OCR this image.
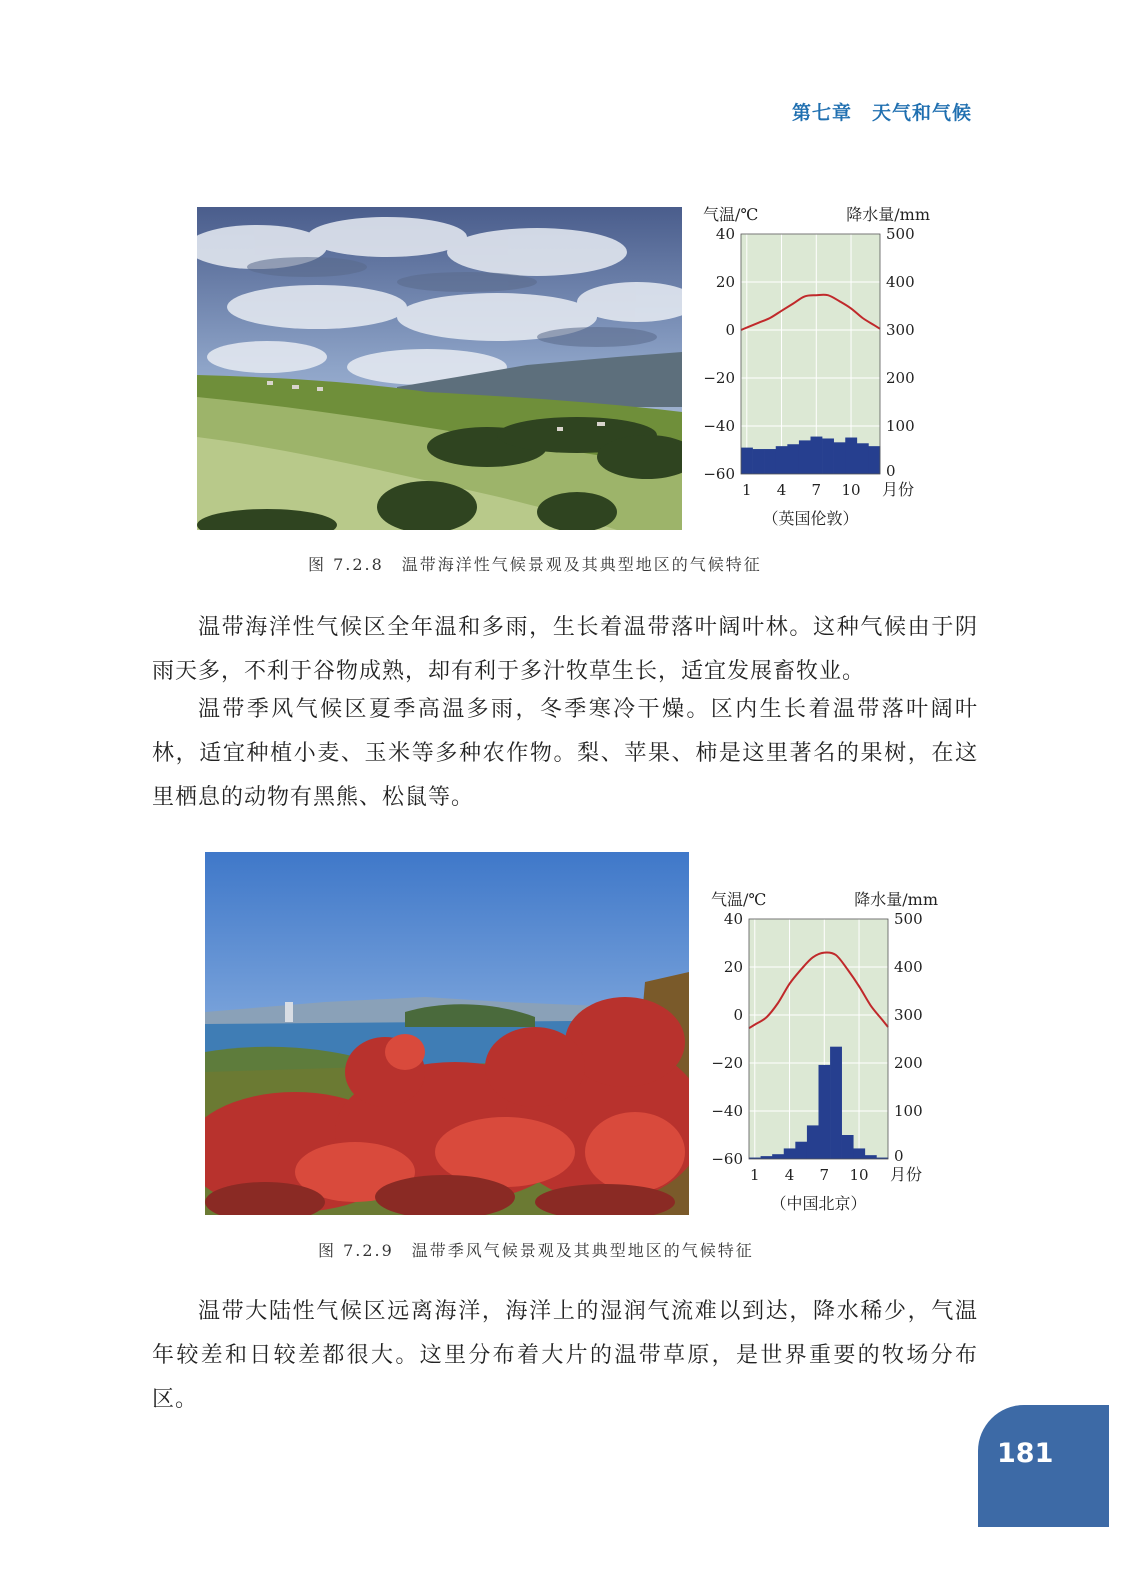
第七章　天气和气候
40
20
0
−20
−40
−60
500
400
300
200
100
0
1 4 7 10 月份
气温/℃	降水量/mm
（英国伦敦）
图 7.2.8　温带海洋性气候景观及其典型地区的气候特征

温带海洋性气候区全年温和多雨，生长着温带落叶阔叶林。这种气候由于阴雨天多，不利于谷物成熟，却有利于多汁牧草生长，适宜发展畜牧业。

温带季风气候区夏季高温多雨，冬季寒冷干燥。区内生长着温带落叶阔叶林，适宜种植小麦、玉米等多种农作物。梨、苹果、柿是这里著名的果树，在这里栖息的动物有黑熊、松鼠等。

40
20
0
−20
−40
−60
500
400
300
200
100
0
1 4 7 10 月份
气温/℃	降水量/mm
（中国北京）
图 7.2.9　温带季风气候景观及其典型地区的气候特征

温带大陆性气候区远离海洋，海洋上的湿润气流难以到达，降水稀少，气温年较差和日较差都很大。这里分布着大片的温带草原，是世界重要的牧场分布区。

181
